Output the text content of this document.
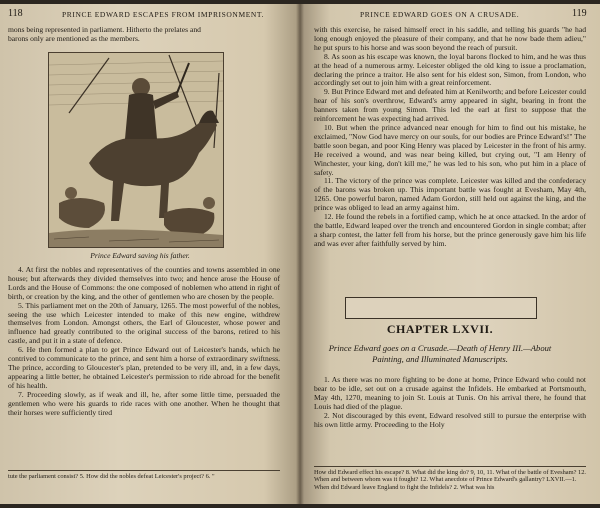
118	PRINCE EDWARD ESCAPES FROM IMPRISONMENT.

mons being represented in parliament. Hitherto the prelates and

barons only are mentioned as the members.

Prince Edward saving his father.

4. At first the nobles and representatives of the counties and towns assembled in one house; but afterwards they divided themselves into two; and hence arose the House of Lords and the House of Commons: the one composed of noblemen who attend in right of birth, or creation by the king, and the other of gentlemen who are chosen by the people.

5. This parliament met on the 20th of January, 1265. The most powerful of the nobles, seeing the use which Leicester intended to make of this new engine, withdrew themselves from London. Amongst others, the Earl of Gloucester, whose power and influence had greatly contributed to the original success of the barons, retired to his castle, and put it in a state of defence.

6. He then formed a plan to get Prince Edward out of Leicester's hands, which he contrived to communicate to the prince, and sent him a horse of extraordinary swiftness. The prince, according to Gloucester's plan, pretended to be very ill, and, in a few days, appearing a little better, he obtained Leicester's permission to ride abroad for the benefit of his health.

7. Proceeding slowly, as if weak and ill, he, after some little time, persuaded the gentlemen who were his guards to ride races with one another. When he thought that their horses were sufficiently tired

tute the parliament consist? 5. How did the nobles defeat Leicester's project? 6. "
PRINCE EDWARD GOES ON A CRUSADE.	119

with this exercise, he raised himself erect in his saddle, and telling his guards "he had long enough enjoyed the pleasure of their company, and that he now bade them adieu," he put spurs to his horse and was soon beyond the reach of pursuit.

8. As soon as his escape was known, the loyal barons flocked to him, and he was thus at the head of a numerous army. Leicester obliged the old king to issue a proclamation, declaring the prince a traitor. He also sent for his eldest son, Simon, from London, who accordingly set out to join him with a great reinforcement.

9. But Prince Edward met and defeated him at Kenilworth; and before Leicester could hear of his son's overthrow, Edward's army appeared in sight, bearing in front the banners taken from young Simon. This led the earl at first to suppose that the reinforcement he was expecting had arrived.

10. But when the prince advanced near enough for him to find out his mistake, he exclaimed, "Now God have mercy on our souls, for our bodies are Prince Edward's!" The battle soon began, and poor King Henry was placed by Leicester in the front of his army. He received a wound, and was near being killed, but crying out, "I am Henry of Winchester, your king, don't kill me," he was led to his son, who put him in a place of safety.

11. The victory of the prince was complete. Leicester was killed and the confederacy of the barons was broken up. This important battle was fought at Evesham, May 4th, 1265. One powerful baron, named Adam Gordon, still held out against the king, and the prince was obliged to lead an army against him.

12. He found the rebels in a fortified camp, which he at once attacked. In the ardor of the battle, Edward leaped over the trench and encountered Gordon in single combat; after a sharp contest, the latter fell from his horse, but the prince generously gave him his life and was ever after faithfully served by him.

CHAPTER LXVII.
Prince Edward goes on a Crusade.—Death of Henry III.—About Painting, and Illuminated Manuscripts.

1. As there was no more fighting to be done at home, Prince Edward who could not bear to be idle, set out on a crusade against the Infidels. He embarked at Portsmouth, May 4th, 1270, meaning to join St. Louis at Tunis. On his arrival there, he found that Louis had died of the plague.

2. Not discouraged by this event, Edward resolved still to pursue the enterprise with his own little army. Proceeding to the Holy

How did Edward effect his escape? 8. What did the king do? 9, 10, 11. What of the battle of Evesham? 12. When and between whom was it fought? 12. What anecdote of Prince Edward's gallantry? LXVII.—1. When did Edward leave England to fight the Infidels? 2. What was his
